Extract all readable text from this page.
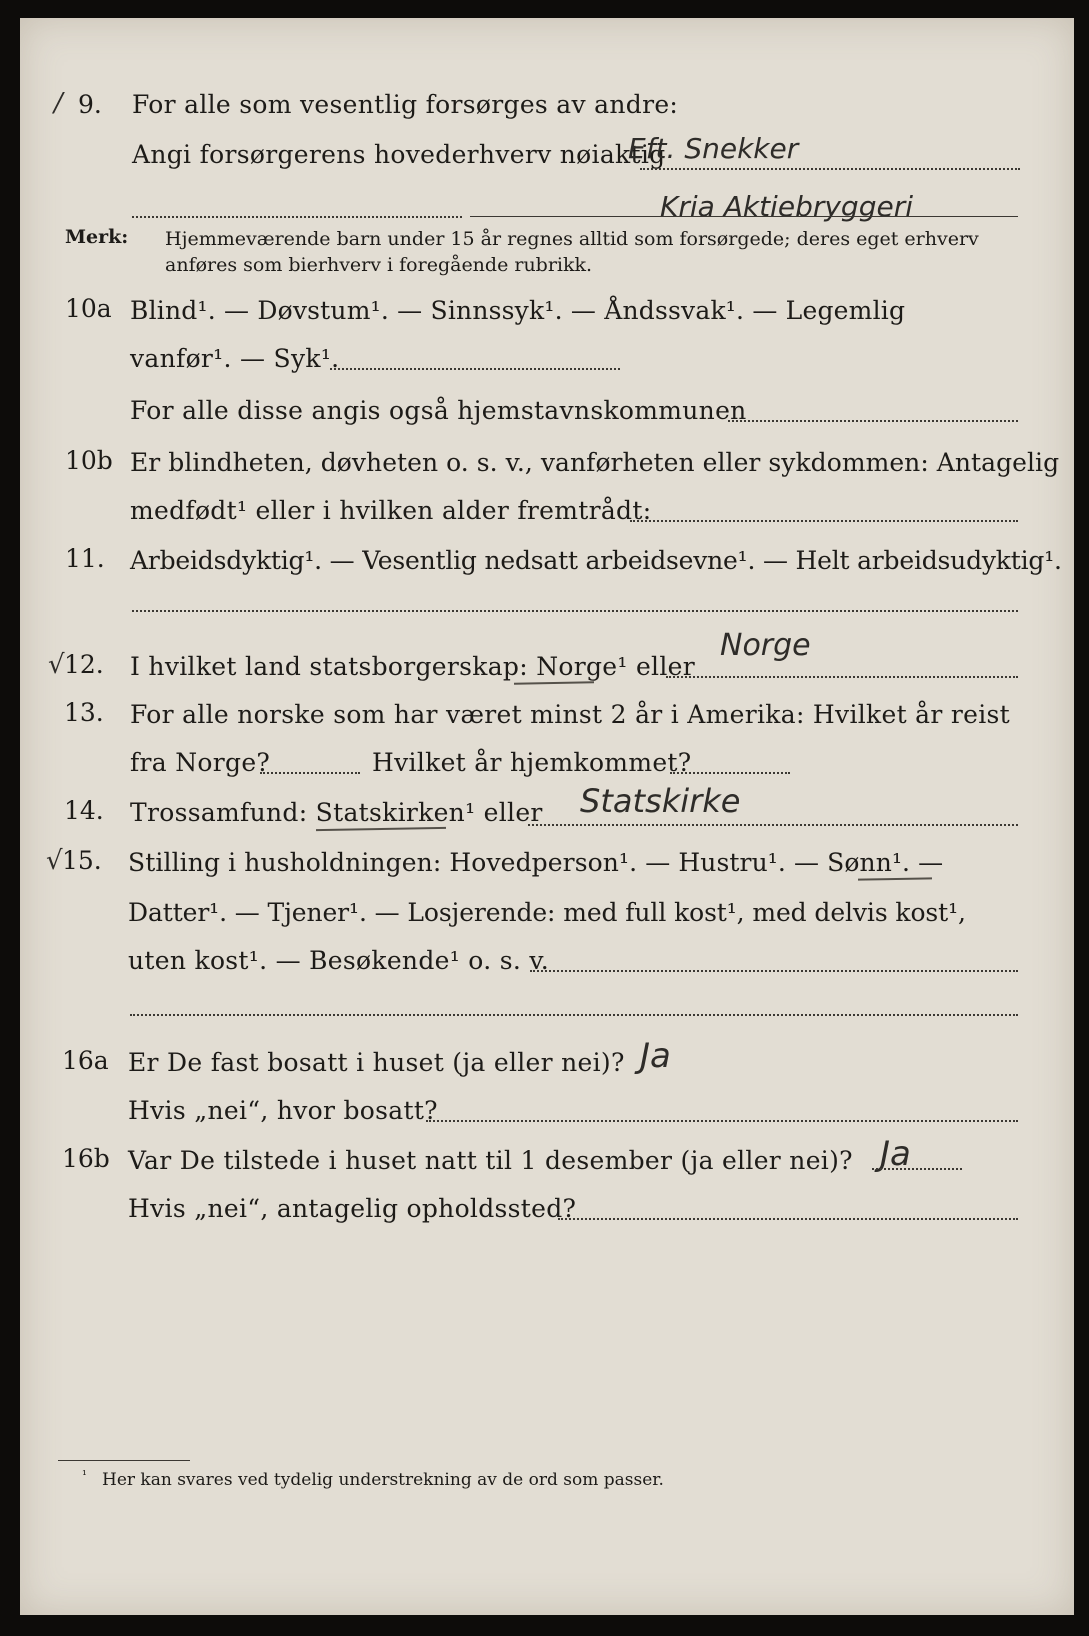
/ 9. For alle som vesentlig forsørges av andre:
Angi forsørgerens hovederhverv nøiaktig
Eft. Snekker
Kria Aktiebryggeri
Merk: Hjemmeværende barn under 15 år regnes alltid som forsørgede; deres eget erhverv
anføres som bierhverv i foregående rubrikk.
10a Blind¹. — Døvstum¹. — Sinnssyk¹. — Åndssvak¹. — Legemlig
vanfør¹. — Syk¹.
For alle disse angis også hjemstavnskommunen
10b Er blindheten, døvheten o. s. v., vanførheten eller sykdommen: Antagelig
medfødt¹ eller i hvilken alder fremtrådt:
11. Arbeidsdyktig¹. — Vesentlig nedsatt arbeidsevne¹. — Helt arbeidsudyktig¹.
√ 12. I hvilket land statsborgerskap: Norge¹ eller
Norge
13. For alle norske som har været minst 2 år i Amerika: Hvilket år reist
fra Norge?	Hvilket år hjemkommet?
14. Trossamfund: Statskirken¹ eller Statskirke
√ 15. Stilling i husholdningen: Hovedperson¹. — Hustru¹. — Sønn¹. —
Datter¹. — Tjener¹. — Losjerende: med full kost¹, med delvis kost¹,
uten kost¹. — Besøkende¹ o. s. v.
16a Er De fast bosatt i huset (ja eller nei)? Ja
Hvis „nei“, hvor bosatt?
16b Var De tilstede i huset natt til 1 desember (ja eller nei)? Ja
Hvis „nei“, antagelig opholdssted?
¹ Her kan svares ved tydelig understrekning av de ord som passer.
